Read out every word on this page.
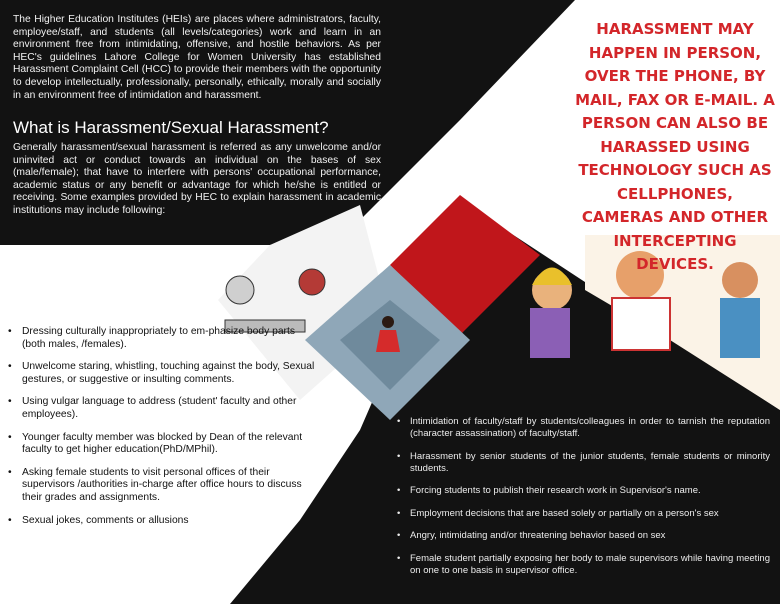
The Higher Education Institutes (HEIs) are places where administrators, faculty, employee/staff, and students (all levels/categories) work and learn in an environment free from intimidating, offensive, and hostile behaviors. As per HEC's guidelines Lahore College for Women University has established Harassment Complaint Cell (HCC) to provide their members with the opportunity to develop intellectually, professionally, personally, ethically, morally and socially in an environment free of intimidation and harassment.

What is Harassment/Sexual Harassment?

Generally harassment/sexual harassment is referred as any unwelcome and/or uninvited act or conduct towards an individual on the bases of sex (male/female); that have to interfere with persons' occupational performance, academic status or any benefit or advantage for which he/she is entitled or receiving. Some examples provided by HEC to explain harassment in academic institutions may include following:

HARASSMENT MAY HAPPEN IN PERSON, OVER THE PHONE, BY MAIL, FAX OR E-MAIL. A PERSON CAN ALSO BE HARASSED USING TECHNOLOGY SUCH AS CELLPHONES, CAMERAS AND OTHER INTERCEPTING DEVICES.

• Dressing culturally inappropriately to em-phasize body parts (both males, /females).
• Unwelcome staring, whistling, touching against the body, Sexual gestures, or suggestive or insulting comments.
• Using vulgar language to address (student' faculty and other employees).
• Younger faculty member was blocked by Dean of the relevant faculty to get higher education(PhD/MPhil).
• Asking female students to visit personal offices of their supervisors /authorities in-charge after office hours to discuss their grades and assignments.
• Sexual jokes, comments or allusions
• Intimidation of faculty/staff by students/colleagues in order to tarnish the reputation (character assassination) of faculty/staff.
• Harassment by senior students of the junior students, female students or minority students.
• Forcing students to publish their research work in Supervisor's name.
• Employment decisions that are based solely or partially on a person's sex
• Angry, intimidating and/or threatening behavior based on sex
• Female student partially exposing her body to male supervisors while having meeting on one to one basis in supervisor office.
